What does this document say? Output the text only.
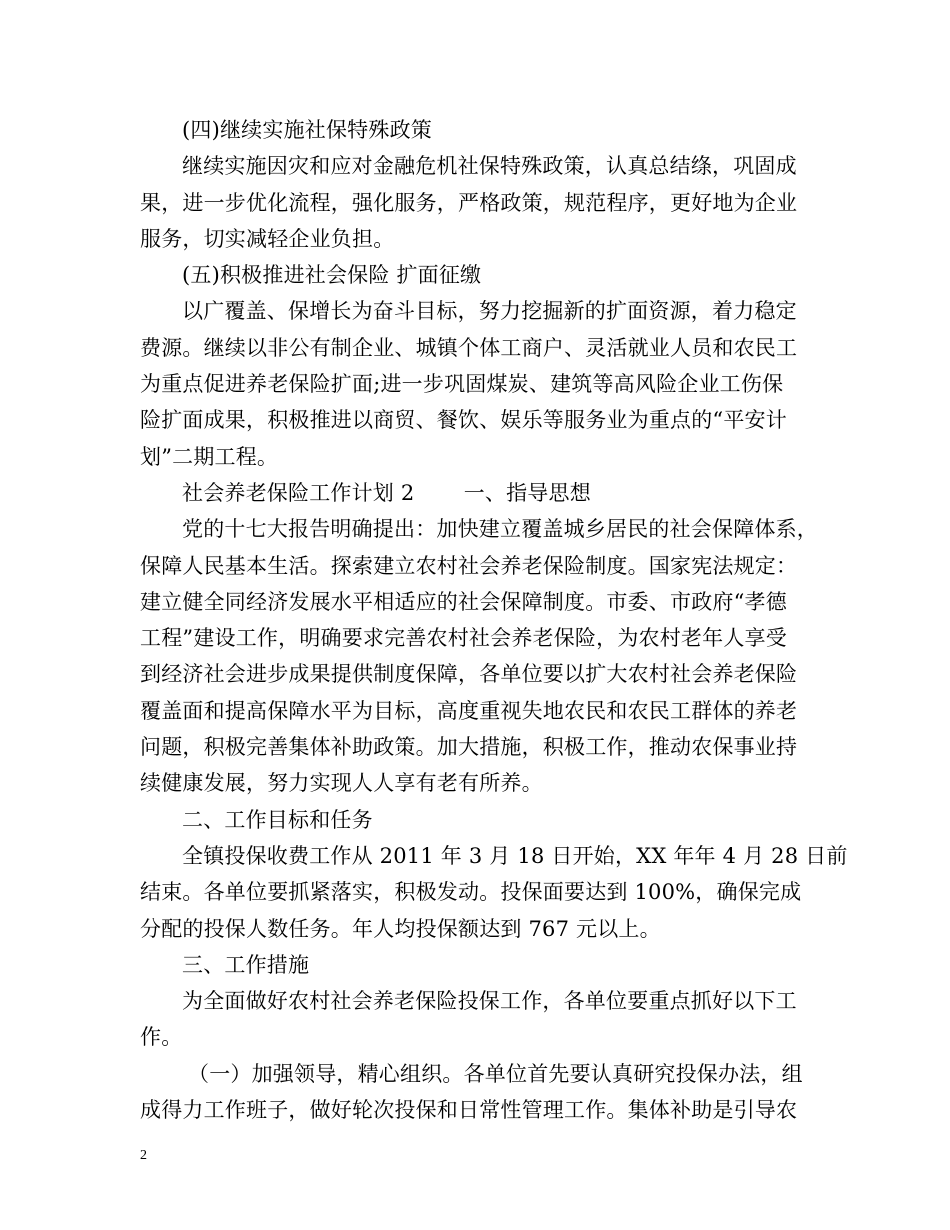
(四)继续实施社保特殊政策
继续实施因灾和应对金融危机社保特殊政策，认真总结绦，巩固成
果，进一步优化流程，强化服务，严格政策，规范程序，更好地为企业
服务，切实减轻企业负担。
(五)积极推进社会保险 扩面征缴
以广覆盖、保增长为奋斗目标，努力挖掘新的扩面资源，着力稳定
费源。继续以非公有制企业、城镇个体工商户、灵活就业人员和农民工
为重点促进养老保险扩面;进一步巩固煤炭、建筑等高风险企业工伤保
险扩面成果，积极推进以商贸、餐饮、娱乐等服务业为重点的“平安计
划”二期工程。
社会养老保险工作计划 2　　 一、指导思想
党的十七大报告明确提出：加快建立覆盖城乡居民的社会保障体系，
保障人民基本生活。探索建立农村社会养老保险制度。国家宪法规定：
建立健全同经济发展水平相适应的社会保障制度。市委、市政府“孝德
工程”建设工作，明确要求完善农村社会养老保险，为农村老年人享受
到经济社会进步成果提供制度保障，各单位要以扩大农村社会养老保险
覆盖面和提高保障水平为目标，高度重视失地农民和农民工群体的养老
问题，积极完善集体补助政策。加大措施，积极工作，推动农保事业持
续健康发展，努力实现人人享有老有所养。
二、工作目标和任务
全镇投保收费工作从 2011 年 3 月 18 日开始，XX 年年 4 月 28 日前
结束。各单位要抓紧落实，积极发动。投保面要达到 100%，确保完成
分配的投保人数任务。年人均投保额达到 767 元以上。
三、工作措施
为全面做好农村社会养老保险投保工作，各单位要重点抓好以下工
作。
（一）加强领导，精心组织。各单位首先要认真研究投保办法，组
成得力工作班子，做好轮次投保和日常性管理工作。集体补助是引导农
2
